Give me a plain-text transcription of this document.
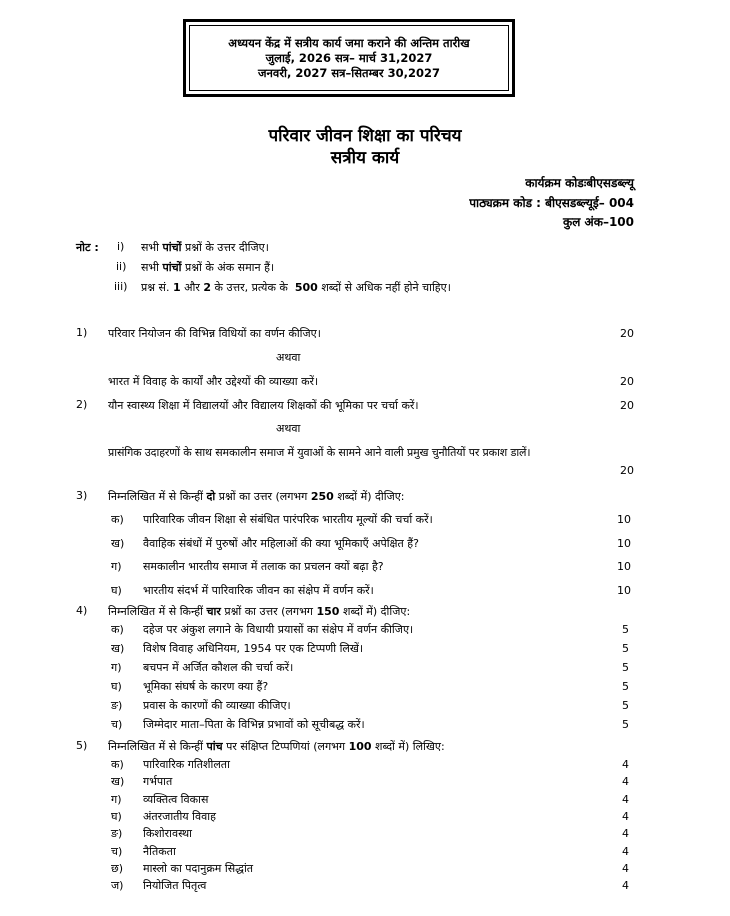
अध्ययन केंद्र में सत्रीय कार्य जमा कराने की अन्तिम तारीख
जुलाई, 2026 सत्र– मार्च 31,2027
जनवरी, 2027 सत्र–सितम्बर 30,2027
परिवार जीवन शिक्षा का परिचय
सत्रीय कार्य
कार्यक्रम कोडःबीएसडब्ल्यू
पाठ्यक्रम कोड : बीएसडब्ल्यूई– 004
कुल अंक–100
नोट : i) सभी पांचों प्रश्नों के उत्तर दीजिए।
ii) सभी पांचों प्रश्नों के अंक समान हैं।
iii) प्रश्न सं. 1 और 2 के उत्तर, प्रत्येक के 500 शब्दों से अधिक नहीं होने चाहिए।
1) परिवार नियोजन की विभिन्न विधियों का वर्णन कीजिए।	20
अथवा
भारत में विवाह के कार्यों और उद्देश्यों की व्याख्या करें।	20
2) यौन स्वास्थ्य शिक्षा में विद्यालयों और विद्यालय शिक्षकों की भूमिका पर चर्चा करें।	20
अथवा
प्रासंगिक उदाहरणों के साथ समकालीन समाज में युवाओं के सामने आने वाली प्रमुख चुनौतियों पर प्रकाश डालें।
20
3) निम्नलिखित में से किन्हीं दो प्रश्नों का उत्तर (लगभग 250 शब्दों में) दीजिए:
क) पारिवारिक जीवन शिक्षा से संबंधित पारंपरिक भारतीय मूल्यों की चर्चा करें।	10
ख) वैवाहिक संबंधों में पुरुषों और महिलाओं की क्या भूमिकाएँ अपेक्षित हैं?	10
ग) समकालीन भारतीय समाज में तलाक का प्रचलन क्यों बढ़ा है?	10
घ) भारतीय संदर्भ में पारिवारिक जीवन का संक्षेप में वर्णन करें।	10
4) निम्नलिखित में से किन्हीं चार प्रश्नों का उत्तर (लगभग 150 शब्दों में) दीजिए:
क) दहेज पर अंकुश लगाने के विधायी प्रयासों का संक्षेप में वर्णन कीजिए।	5
ख) विशेष विवाह अधिनियम, 1954 पर एक टिप्पणी लिखें।	5
ग) बचपन में अर्जित कौशल की चर्चा करें।	5
घ) भूमिका संघर्ष के कारण क्या हैं?	5
ङ) प्रवास के कारणों की व्याख्या कीजिए।	5
च) जिम्मेदार माता–पिता के विभिन्न प्रभावों को सूचीबद्ध करें।	5
5) निम्नलिखित में से किन्हीं पांच पर संक्षिप्त टिप्पणियां (लगभग 100 शब्दों में) लिखिए:
क) पारिवारिक गतिशीलता	4
ख) गर्भपात	4
ग) व्यक्तित्व विकास	4
घ) अंतरजातीय विवाह	4
ङ) किशोरावस्था	4
च) नैतिकता	4
छ) मास्लो का पदानुक्रम सिद्धांत	4
ज) नियोजित पितृत्व	4
